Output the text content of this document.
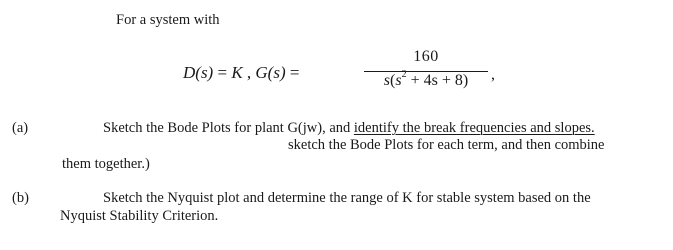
For a system with
D(s) = K , G(s) =
160
$s(s^2 + 4s + 8)$	,
(a)	Sketch the Bode Plots for plant G(jw), and identify the break frequencies and slopes.
sketch the Bode Plots for each term, and then combine
them together.)
(b)	Sketch the Nyquist plot and determine the range of K for stable system based on the
Nyquist Stability Criterion.
